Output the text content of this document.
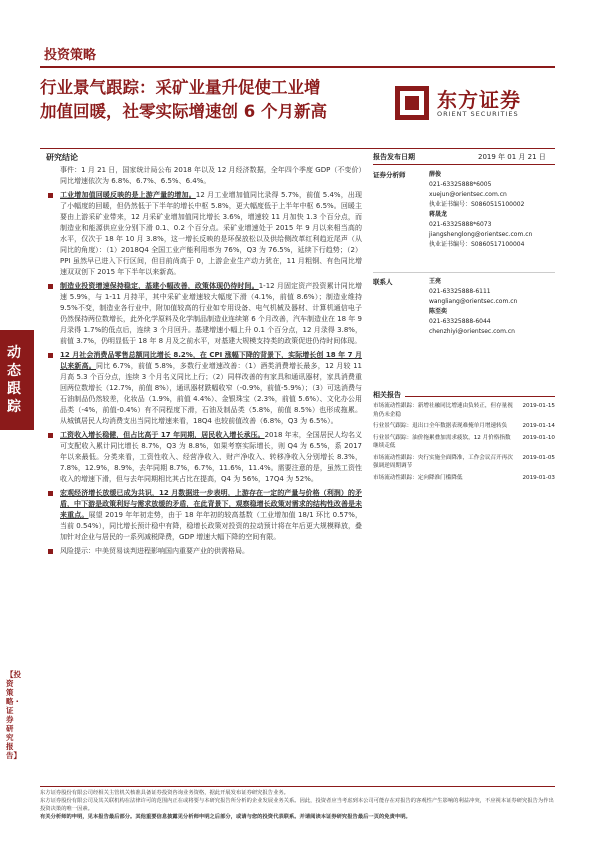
投资策略
行业景气跟踪：采矿业量升促使工业增
加值回暖，社零实际增速创 6 个月新高	东方证券
ORIENT SECURITIES
研究结论	报告发布日期	2019 年 01 月 21 日

事件：1 月 21 日，国家统计局公布 2018 年以及 12 月经济数据，全年四个季度 GDP（不变价）同比增速依次为 6.8%、6.7%、6.5%、6.4%。

工业增加值回暖反映的是上游产量的增加。12 月工业增加值同比录得 5.7%，前值 5.4%，出现了小幅度的回暖，但仍然低于下半年的增长中枢 5.8%，更大幅度低于上半年中枢 6.5%。回暖主要由上游采矿业带来，12 月采矿业增加值同比增长 3.6%，增速较 11 月加快 1.3 个百分点，而制造业和能源供应业分别下滑 0.1、0.2 个百分点。采矿业增速处于 2015 年 9 月以来相当高的水平，仅次于 18 年 10 月 3.8%，这一增长反映的是环保放松以及供给侧改革红利趋近尾声（从同比的角度）：（1）2018Q4 全国工业产能利用率为 76%，Q3 为 76.5%，延续下行趋势；（2）PPI 虽然早已进入下行区间，但目前尚高于 0，上游企业生产动力犹在，11 月粗钢、有色同比增速双双创下 2015 年下半年以来新高。
制造业投资增速保持稳定，基建小幅改善，政策体现仍待时间。1-12 月固定资产投资累计同比增速 5.9%，与 1-11 月持平，其中采矿业增速较大幅度下滑（4.1%，前值 8.6%）；制造业维持 9.5%不变，制造业各行业中，附加值较高的行业如专用设备、电气机械及器材、计算机通信电子仍然保持两位数增长，此外化学原料及化学制品制造业连续第 6 个月改善，汽车制造业在 18 年 9 月录得 1.7%的低点后，连续 3 个月回升。基建增速小幅上升 0.1 个百分点，12 月录得 3.8%，前值 3.7%，仍明显低于 18 年 8 月及之前水平，对基建大规模支持类的政策促进仍待时间体现。
12 月社会消费品零售总额同比增长 8.2%，在 CPI 涨幅下降的背景下，实际增长创 18 年 7 月以来新高。同比 6.7%，前值 5.8%，多数行业增速改善：（1）酒类消费增长最多，12 月较 11 月高 5.3 个百分点，连续 3 个月名义同比上行；（2）同样改善的有家具和通讯器材，家具消费重回两位数增长（12.7%，前值 8%），通讯器材跌幅收窄（-0.9%，前值-5.9%）；（3）可选消费与石油制品仍然较差，化妆品（1.9%，前值 4.4%）、金银珠宝（2.3%，前值 5.6%）、文化办公用品类（-4%，前值-0.4%）有不同程度下滑，石油及制品类（5.8%，前值 8.5%）也形成拖累。从城镇居民人均消费支出当同比增速来看，18Q4 也较前值改善（6.8%，Q3 为 6.5%）。
工资收入增长稳健，但占比高于 17 年同期，居民收入增长承压。2018 年末，全国居民人均名义可支配收入累计同比增长 8.7%，Q3 为 8.8%，如果考察实际增长，则 Q4 为 6.5%，系 2017 年以来最低。分类来看，工资性收入、经营净收入、财产净收入、转移净收入分别增长 8.3%，7.8%，12.9%，8.9%，去年同期 8.7%，6.7%，11.6%，11.4%。需要注意的是，虽然工资性收入的增速下滑，但与去年同期相比其占比在提高，Q4 为 56%，17Q4 为 52%。
宏观经济增长放缓已成为共识，12 月数据进一步表明，上游存在一定的产量与价格（利润）的矛盾，中下游是政策利好与需求放缓的矛盾，在此背景下，观察稳增长政策对需求的结构性改善是未来重点。展望 2019 年年初走势，由于 18 年年初的较高基数（工业增加值 18/1 环比 0.57%，当前 0.54%），同比增长预计稳中有降，稳增长政策对投资的拉动预计将在年后更大规模释放，叠加针对企业与居民的一系列减税降费，GDP 增速大幅下降的空间有限。
风险提示：中美贸易谈判进程影响国内重要产业的供需格局。
动态跟踪
【投资策略・证券研究报告】
证券分析师	薛俊
021-63325888*6005
xuejun@orientsec.com.cn
执业证书编号：S0860515100002
蒋晟龙
021-63325888*6073
jiangshenglong@orientsec.com.cn
执业证书编号：S0860517100004
联系人	王亮
021-63325888-6111
wangliang@orientsec.com.cn
陈至奕
021-63325888-6044
chenzhiyi@orientsec.com.cn
相关报告
市场流动性跟踪：新增社融同比增速由负转正，但存量视角仍未企稳
2019-01-15
行业景气跟踪：退出口全年数据表现难掩单月增速转负	2019-01-14
行业景气跟踪：油价拖累叠加需求疲软，12 月价格指数继续走低
2019-01-10
市场流动性跟踪：央行实施全面降准，工作会议召开再次强调逆周期调节
2019-01-05
市场流动性跟踪：定向降准门槛降低	2019-01-03
东方证券股份有限公司经相关主管机关核准具备证券投资咨询业务资格，据此开展发布证券研究报告业务。
东方证券股份有限公司及其关联机构在法律许可的范围内正在或将要与本研究报告所分析的企业发展业务关系。因此，投资者应当考虑到本公司可能存在对报告的客观性产生影响的利益冲突，不应视本证券研究报告为作出投资决策的唯一因素。
有关分析师的申明，见本报告最后部分。其他重要信息披露见分析师申明之后部分，或请与您的投资代表联系。并请阅读本证券研究报告最后一页的免责申明。
